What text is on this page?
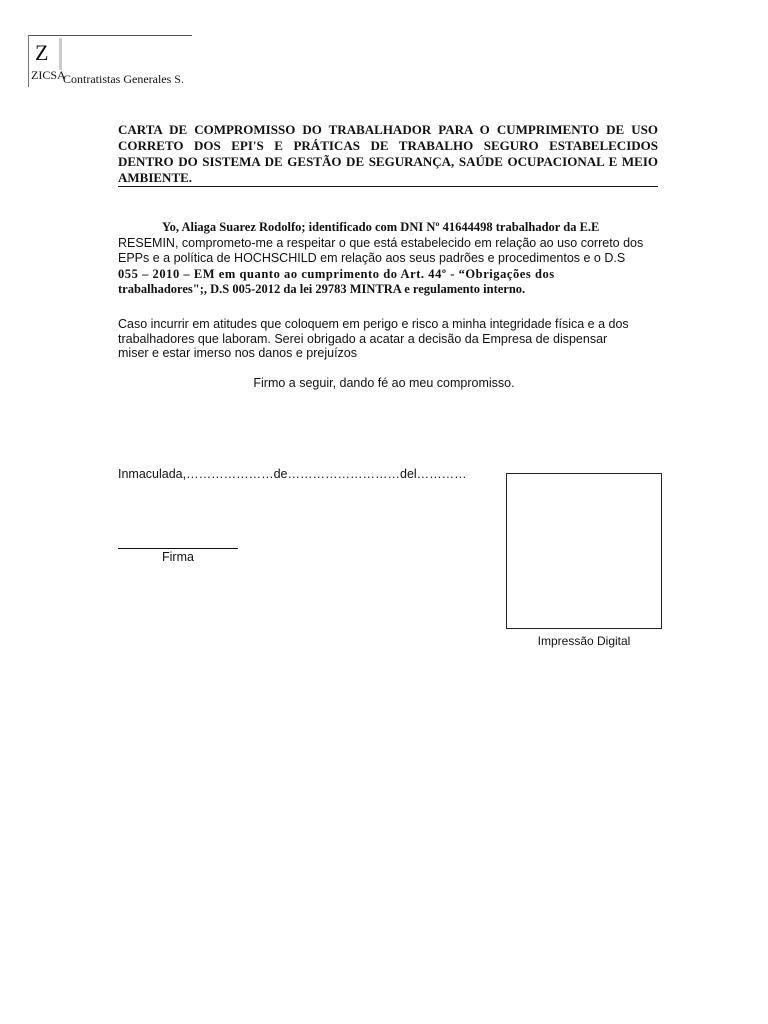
Z
ZICSA
Contratistas Generales S.
CARTA DE COMPROMISSO DO TRABALHADOR PARA O CUMPRIMENTO DE USO CORRETO DOS EPI'S E PRÁTICAS DE TRABALHO SEGURO ESTABELECIDOS DENTRO DO SISTEMA DE GESTÃO DE SEGURANÇA, SAÚDE OCUPACIONAL E MEIO AMBIENTE.
Yo, Aliaga Suarez Rodolfo; identificado com DNI Nº 41644498 trabalhador da E.E
RESEMIN, comprometo-me a respeitar o que está estabelecido em relação ao uso correto dos
EPPs e a política de HOCHSCHILD em relação aos seus padrões e procedimentos e o D.S
055 – 2010 – EM em quanto ao cumprimento do Art. 44º - “Obrigações dos
trabalhadores";, D.S 005-2012 da lei 29783 MINTRA e regulamento interno.
Caso incurrir em atitudes que coloquem em perigo e risco a minha integridade física e a dos
trabalhadores que laboram. Serei obrigado a acatar a decisão da Empresa de dispensar
miser e estar imerso nos danos e prejuízos
Firmo a seguir, dando fé ao meu compromisso.
Inmaculada,…………………de………………………del…………
Impressão Digital
Firma
